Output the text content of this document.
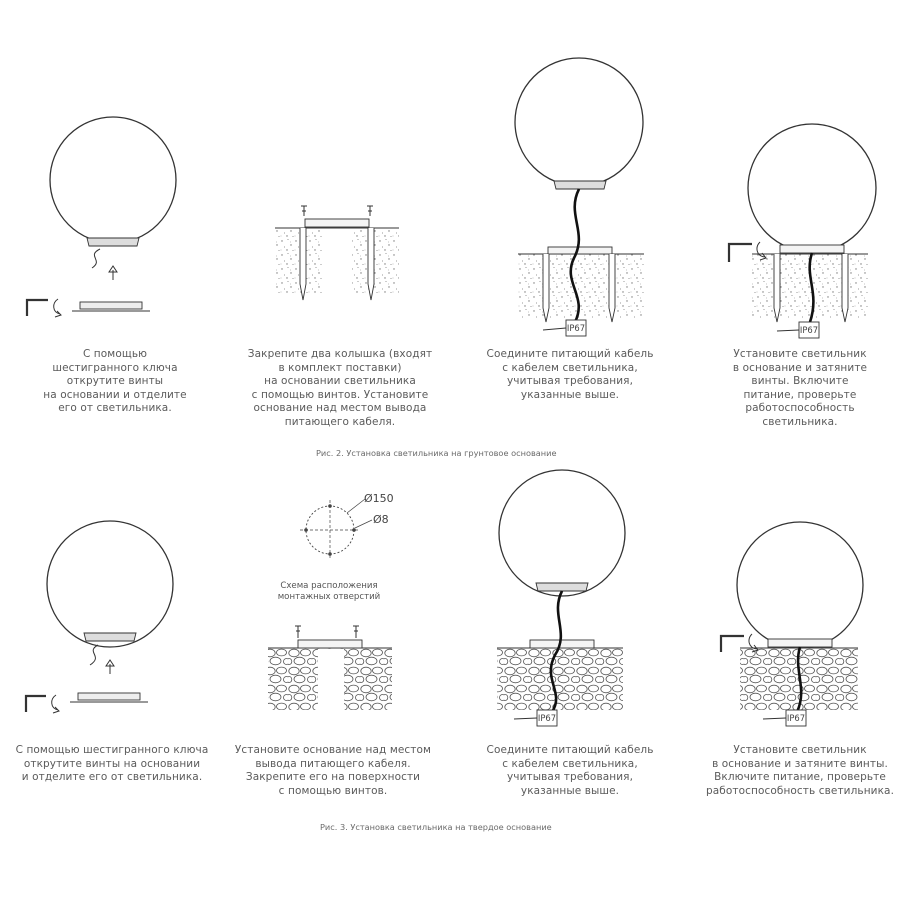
IP67	IP67
IP67	IP67
Ø150
Ø8
Схема расположения
монтажных отверстий
С помощью
шестигранного ключа
открутите винты
на основании и отделите
его от светильника.
Закрепите два колышка (входят
в комплект поставки)
на основании светильника
с помощью винтов. Установите
основание над местом вывода
питающего кабеля.
Соедините питающий кабель
с кабелем светильника,
учитывая требования,
указанные выше.
Установите светильник
в основание и затяните
винты. Включите
питание, проверьте
работоспособность
светильника.
Рис. 2. Установка светильника на грунтовое основание
С помощью шестигранного ключа
открутите винты на основании
и отделите его от светильника.
Установите основание над местом
вывода питающего кабеля.
Закрепите его на поверхности
с помощью винтов.
Соедините питающий кабель
с кабелем светильника,
учитывая требования,
указанные выше.
Установите светильник
в основание и затяните винты.
Включите питание, проверьте
работоспособность светильника.
Рис. 3. Установка светильника на твердое основание
